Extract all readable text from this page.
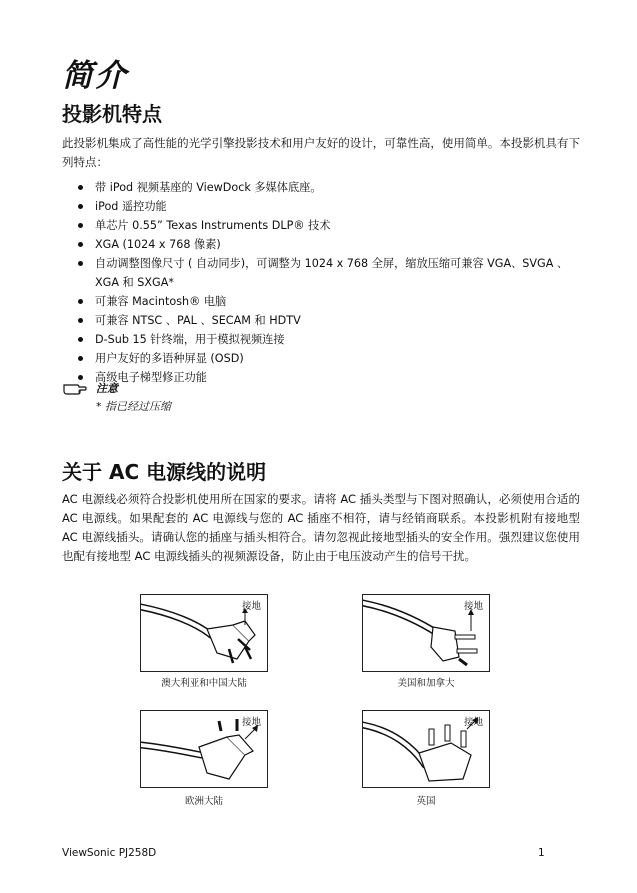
简介
投影机特点
此投影机集成了高性能的光学引擎投影技术和用户友好的设计，可靠性高，使用简单。本投影机具有下列特点：
带 iPod 视频基座的 ViewDock 多媒体底座。
iPod 遥控功能
单芯片 0.55” Texas Instruments DLP® 技术
XGA (1024 x 768 像素)
自动调整图像尺寸 ( 自动同步)，可调整为 1024 x 768 全屏，缩放压缩可兼容 VGA、SVGA 、XGA 和 SXGA*
可兼容 Macintosh® 电脑
可兼容 NTSC 、PAL 、SECAM 和 HDTV
D-Sub 15 针终端，用于模拟视频连接
用户友好的多语种屏显 (OSD)
高级电子梯型修正功能
注意
* 指已经过压缩
关于 AC 电源线的说明
AC 电源线必须符合投影机使用所在国家的要求。请将 AC 插头类型与下图对照确认，必须使用合适的 AC 电源线。如果配套的 AC 电源线与您的 AC 插座不相符，请与经销商联系。本投影机附有接地型 AC 电源线插头。请确认您的插座与插头相符合。请勿忽视此接地型插头的安全作用。强烈建议您使用也配有接地型 AC 电源线插头的视频源设备，防止由于电压波动产生的信号干扰。
接地
澳大利亚和中国大陆
接地
美国和加拿大
接地
欧洲大陆
接地
英国
ViewSonic PJ258D	1
